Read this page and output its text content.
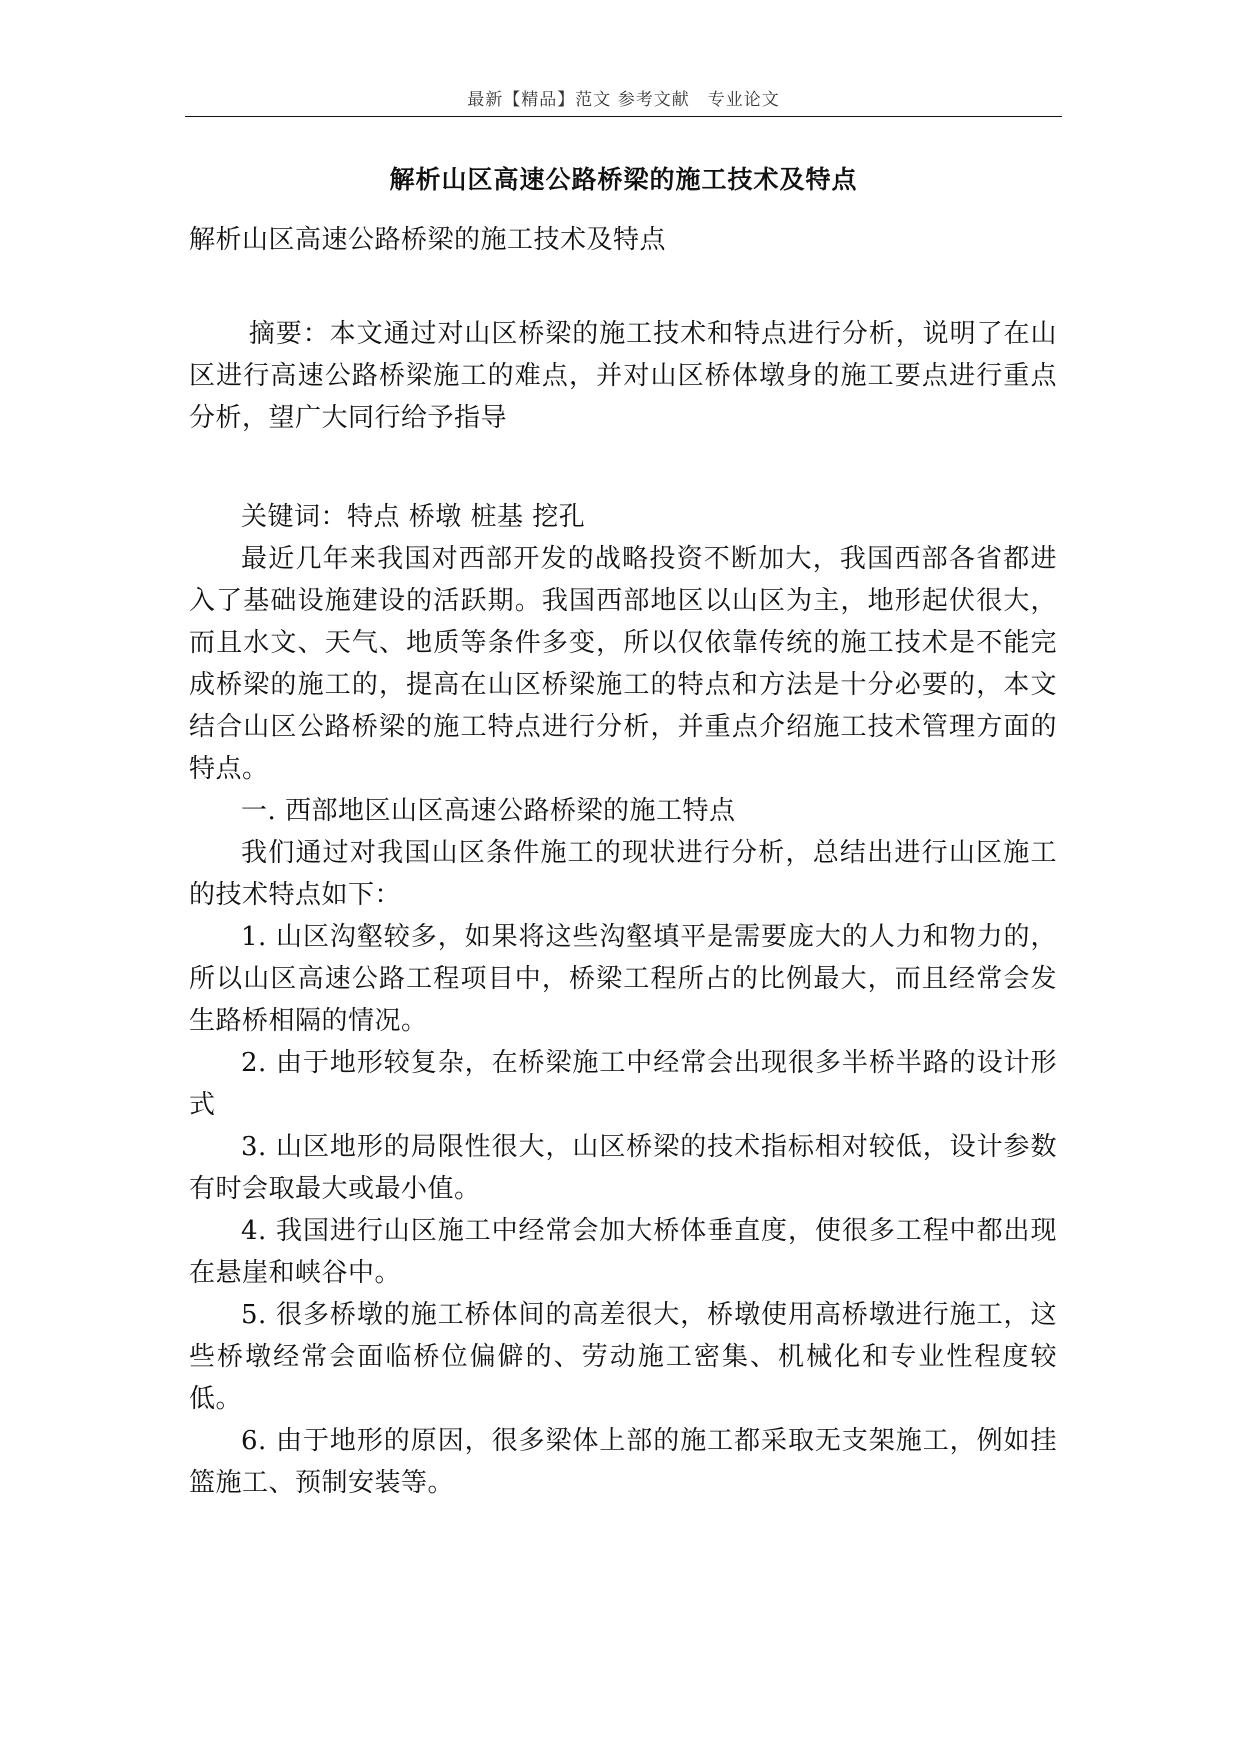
最新【精品】范文 参考文献　专业论文
解析山区高速公路桥梁的施工技术及特点

解析山区高速公路桥梁的施工技术及特点

摘要：本文通过对山区桥梁的施工技术和特点进行分析，说明了在山区进行高速公路桥梁施工的难点，并对山区桥体墩身的施工要点进行重点分析，望广大同行给予指导

关键词：特点 桥墩 桩基 挖孔

最近几年来我国对西部开发的战略投资不断加大，我国西部各省都进入了基础设施建设的活跃期。我国西部地区以山区为主，地形起伏很大，而且水文、天气、地质等条件多变，所以仅依靠传统的施工技术是不能完成桥梁的施工的，提高在山区桥梁施工的特点和方法是十分必要的，本文结合山区公路桥梁的施工特点进行分析，并重点介绍施工技术管理方面的特点。

一. 西部地区山区高速公路桥梁的施工特点

我们通过对我国山区条件施工的现状进行分析，总结出进行山区施工的技术特点如下：

1. 山区沟壑较多，如果将这些沟壑填平是需要庞大的人力和物力的，所以山区高速公路工程项目中，桥梁工程所占的比例最大，而且经常会发生路桥相隔的情况。

2. 由于地形较复杂，在桥梁施工中经常会出现很多半桥半路的设计形式

3. 山区地形的局限性很大，山区桥梁的技术指标相对较低，设计参数有时会取最大或最小值。

4. 我国进行山区施工中经常会加大桥体垂直度，使很多工程中都出现在悬崖和峡谷中。

5. 很多桥墩的施工桥体间的高差很大，桥墩使用高桥墩进行施工，这些桥墩经常会面临桥位偏僻的、劳动施工密集、机械化和专业性程度较低。

6. 由于地形的原因，很多梁体上部的施工都采取无支架施工，例如挂篮施工、预制安装等。
